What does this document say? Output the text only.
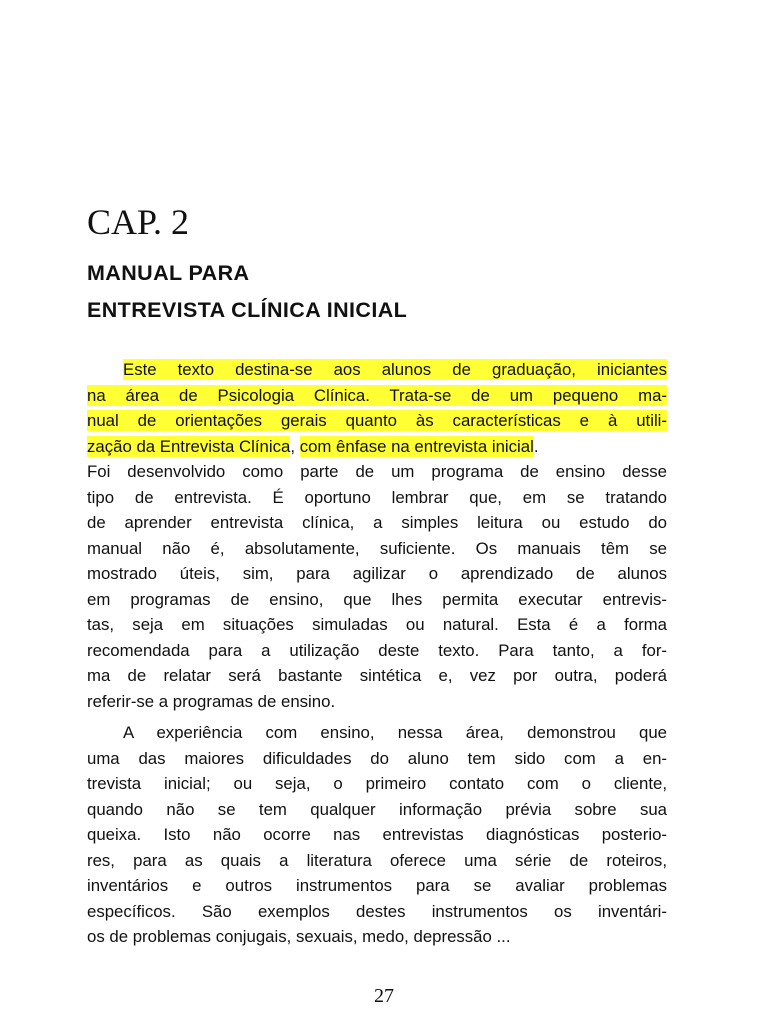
CAP. 2
MANUAL PARA
ENTREVISTA CLÍNICA INICIAL

Este texto destina-se aos alunos de graduação, iniciantes
na área de Psicologia Clínica. Trata-se de um pequeno ma-
nual de orientações gerais quanto às características e à utili-
zação da Entrevista Clínica, com ênfase na entrevista inicial.
Foi desenvolvido como parte de um programa de ensino desse
tipo de entrevista. É oportuno lembrar que, em se tratando
de aprender entrevista clínica, a simples leitura ou estudo do
manual não é, absolutamente, suficiente. Os manuais têm se
mostrado úteis, sim, para agilizar o aprendizado de alunos
em programas de ensino, que lhes permita executar entrevis-
tas, seja em situações simuladas ou natural. Esta é a forma
recomendada para a utilização deste texto. Para tanto, a for-
ma de relatar será bastante sintética e, vez por outra, poderá
referir-se a programas de ensino.

A experiência com ensino, nessa área, demonstrou que
uma das maiores dificuldades do aluno tem sido com a en-
trevista inicial; ou seja, o primeiro contato com o cliente,
quando não se tem qualquer informação prévia sobre sua
queixa. Isto não ocorre nas entrevistas diagnósticas posterio-
res, para as quais a literatura oferece uma série de roteiros,
inventários e outros instrumentos para se avaliar problemas
específicos. São exemplos destes instrumentos os inventári-
os de problemas conjugais, sexuais, medo, depressão ...

27
